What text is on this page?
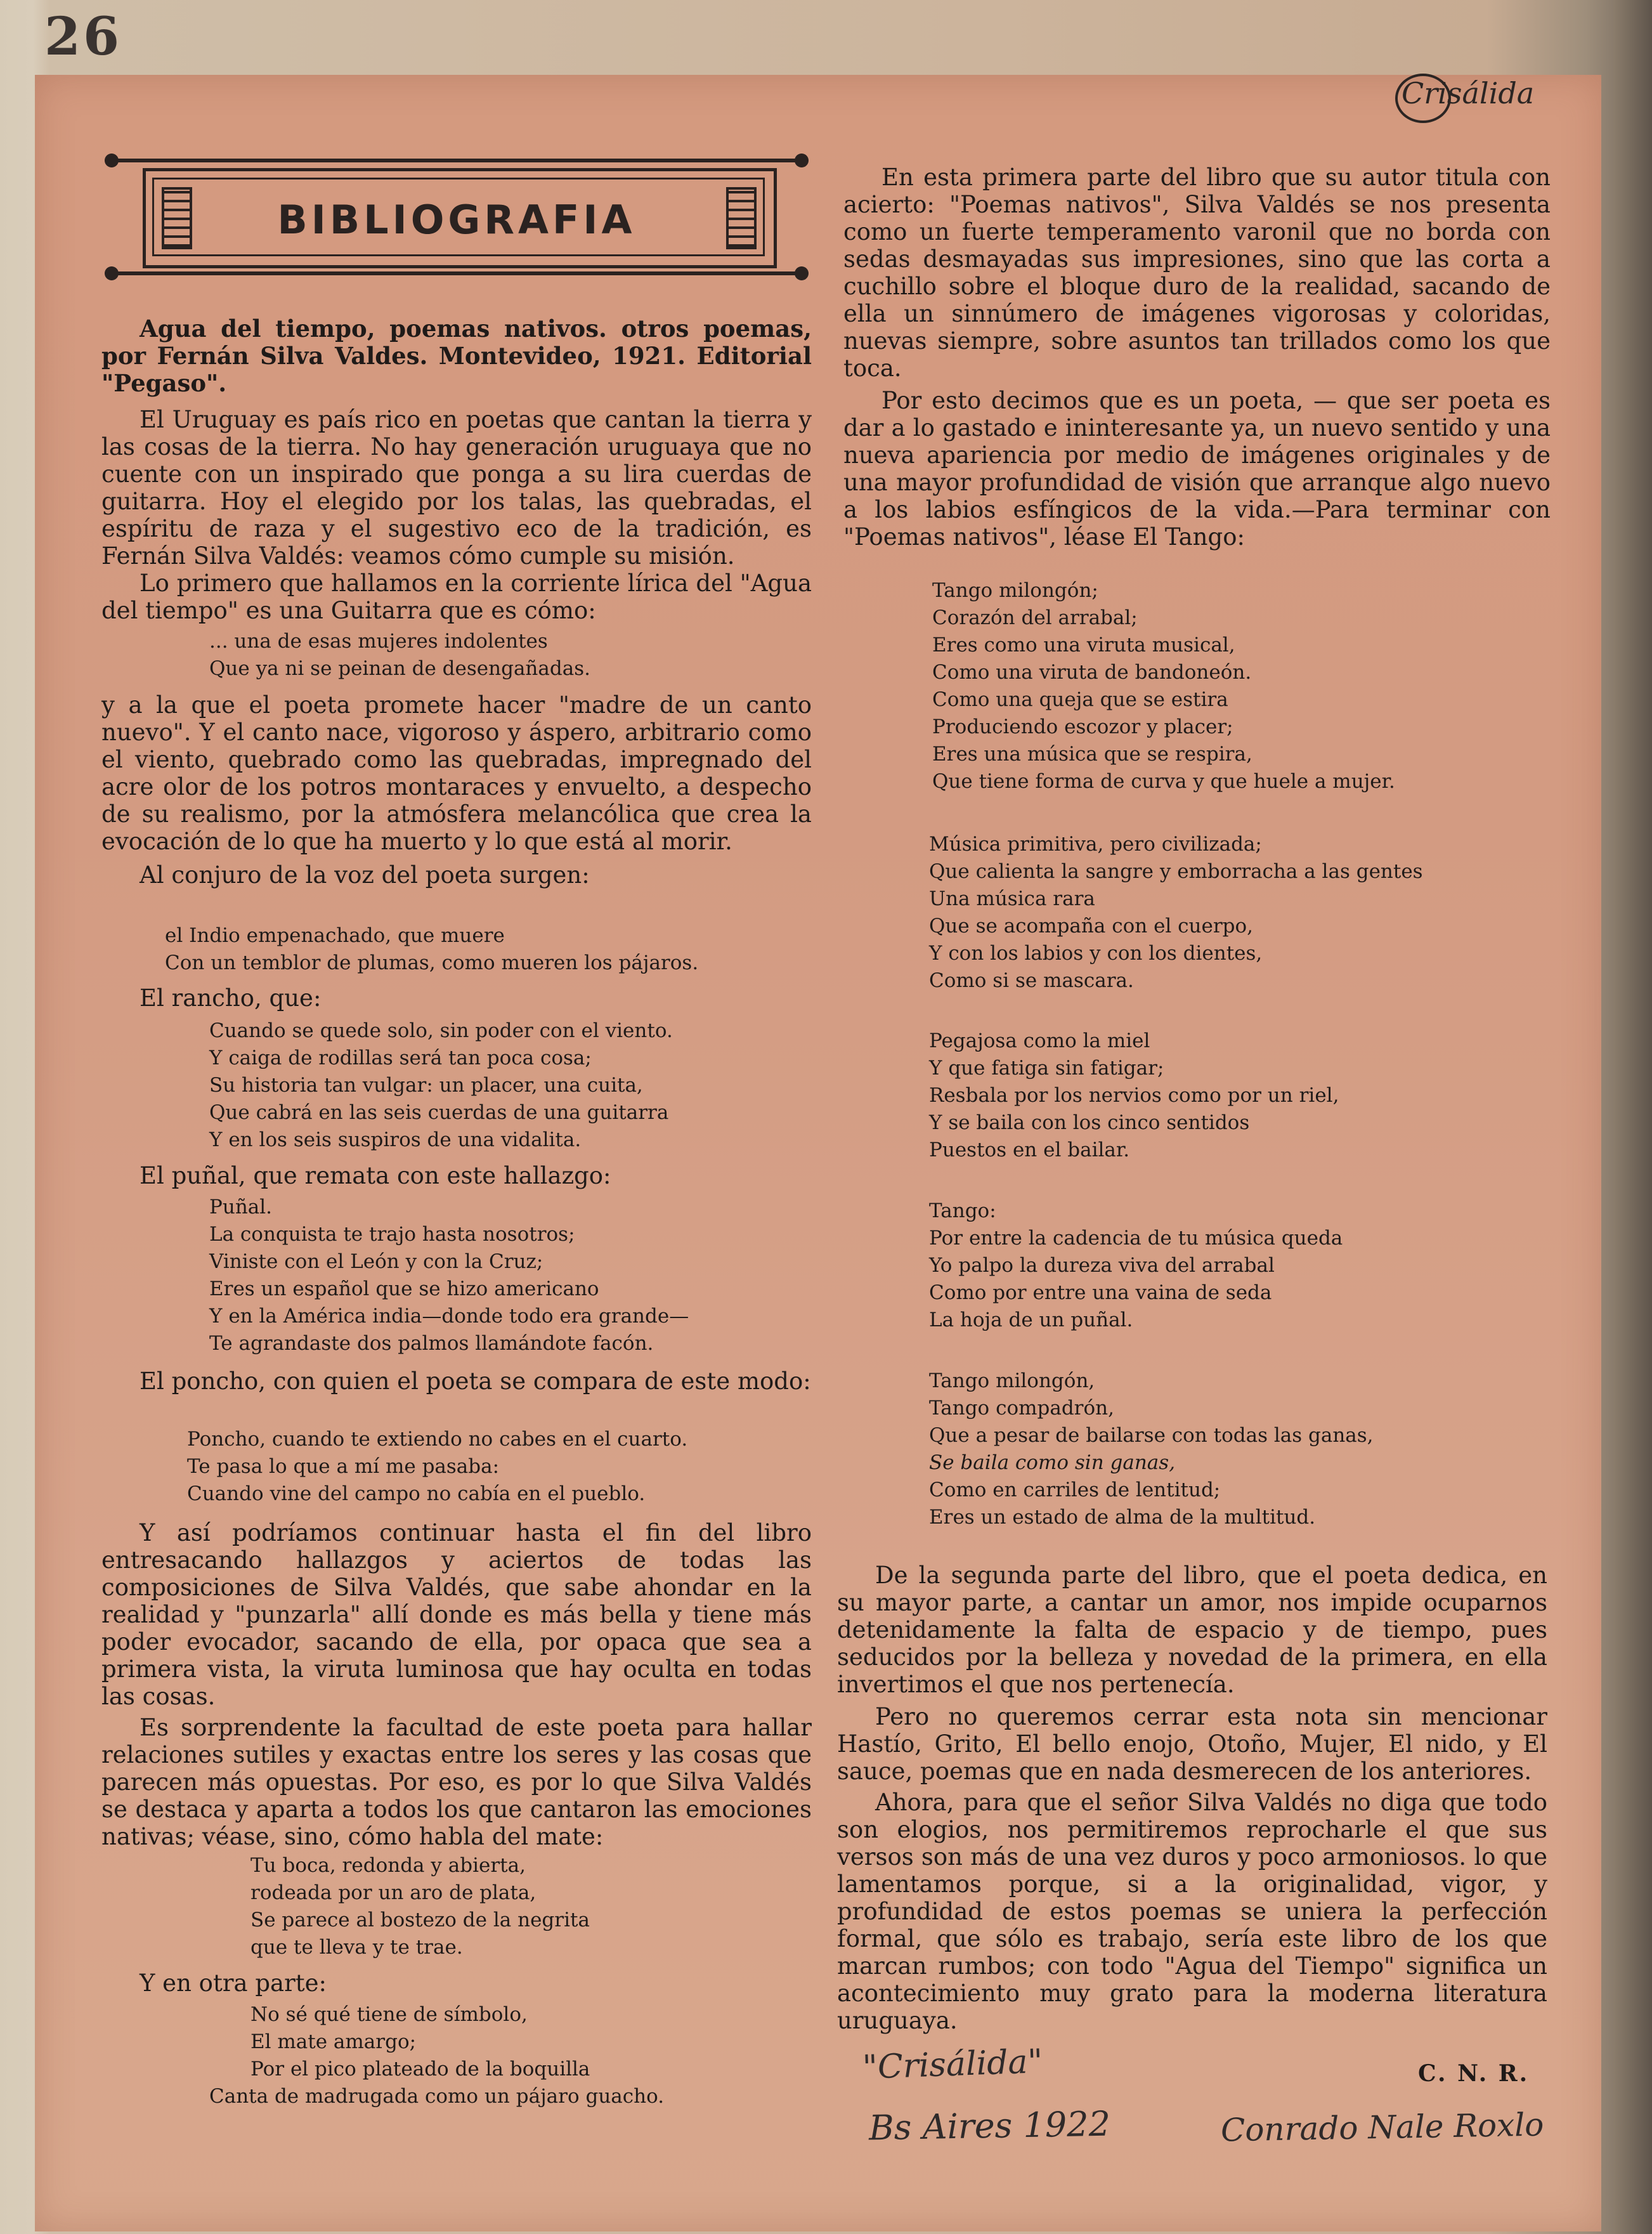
26
Crisálida
BIBLIOGRAFIA

Agua del tiempo, poemas nativos. otros poemas, por Fernán Silva Valdes. Montevideo, 1921. Editorial "Pegaso".

El Uruguay es país rico en poetas que cantan la tierra y las cosas de la tierra. No hay generación uruguaya que no cuente con un inspirado que ponga a su lira cuerdas de guitarra. Hoy el elegido por los talas, las quebradas, el espíritu de raza y el sugestivo eco de la tradición, es Fernán Silva Valdés: veamos cómo cumple su misión.

Lo primero que hallamos en la corriente lírica del "Agua del tiempo" es una Guitarra que es cómo:

... una de esas mujeres indolentes
Que ya ni se peinan de desengañadas.

y a la que el poeta promete hacer "madre de un canto nuevo". Y el canto nace, vigoroso y áspero, arbitrario como el viento, quebrado como las quebradas, impregnado del acre olor de los potros montaraces y envuelto, a despecho de su realismo, por la atmósfera melancólica que crea la evocación de lo que ha muerto y lo que está al morir.

Al conjuro de la voz del poeta surgen:

el Indio empenachado, que muere
Con un temblor de plumas, como mueren los pájaros.

El rancho, que:

Cuando se quede solo, sin poder con el viento.
Y caiga de rodillas será tan poca cosa;
Su historia tan vulgar: un placer, una cuita,
Que cabrá en las seis cuerdas de una guitarra
Y en los seis suspiros de una vidalita.

El puñal, que remata con este hallazgo:

Puñal.
La conquista te trajo hasta nosotros;
Viniste con el León y con la Cruz;
Eres un español que se hizo americano
Y en la América india—donde todo era grande—
Te agrandaste dos palmos llamándote facón.

El poncho, con quien el poeta se compara de este modo:

Poncho, cuando te extiendo no cabes en el cuarto.
Te pasa lo que a mí me pasaba:
Cuando vine del campo no cabía en el pueblo.

Y así podríamos continuar hasta el fin del libro entresacando hallazgos y aciertos de todas las composiciones de Silva Valdés, que sabe ahondar en la realidad y "punzarla" allí donde es más bella y tiene más poder evocador, sacando de ella, por opaca que sea a primera vista, la viruta luminosa que hay oculta en todas las cosas.

Es sorprendente la facultad de este poeta para hallar relaciones sutiles y exactas entre los seres y las cosas que parecen más opuestas. Por eso, es por lo que Silva Valdés se destaca y aparta a todos los que cantaron las emociones nativas; véase, sino, cómo habla del mate:

Tu boca, redonda y abierta,
rodeada por un aro de plata,
Se parece al bostezo de la negrita
que te lleva y te trae.

Y en otra parte:

No sé qué tiene de símbolo,
El mate amargo;
Por el pico plateado de la boquilla
Canta de madrugada como un pájaro guacho.

En esta primera parte del libro que su autor titula con acierto: "Poemas nativos", Silva Valdés se nos presenta como un fuerte temperamento varonil que no borda con sedas desmayadas sus impresiones, sino que las corta a cuchillo sobre el bloque duro de la realidad, sacando de ella un sinnúmero de imágenes vigorosas y coloridas, nuevas siempre, sobre asuntos tan trillados como los que toca.

Por esto decimos que es un poeta, — que ser poeta es dar a lo gastado e ininteresante ya, un nuevo sentido y una nueva apariencia por medio de imágenes originales y de una mayor profundidad de visión que arranque algo nuevo a los labios esfíngicos de la vida.—Para terminar con "Poemas nativos", léase El Tango:

Tango milongón;
Corazón del arrabal;
Eres como una viruta musical,
Como una viruta de bandoneón.
Como una queja que se estira
Produciendo escozor y placer;
Eres una música que se respira,
Que tiene forma de curva y que huele a mujer.
Música primitiva, pero civilizada;
Que calienta la sangre y emborracha a las gentes
Una música rara
Que se acompaña con el cuerpo,
Y con los labios y con los dientes,
Como si se mascara.
Pegajosa como la miel
Y que fatiga sin fatigar;
Resbala por los nervios como por un riel,
Y se baila con los cinco sentidos
Puestos en el bailar.
Tango:
Por entre la cadencia de tu música queda
Yo palpo la dureza viva del arrabal
Como por entre una vaina de seda
La hoja de un puñal.
Tango milongón,
Tango compadrón,
Que a pesar de bailarse con todas las ganas,
Se baila como sin ganas,
Como en carriles de lentitud;
Eres un estado de alma de la multitud.

De la segunda parte del libro, que el poeta dedica, en su mayor parte, a cantar un amor, nos impide ocuparnos detenidamente la falta de espacio y de tiempo, pues seducidos por la belleza y novedad de la primera, en ella invertimos el que nos pertenecía.

Pero no queremos cerrar esta nota sin mencionar Hastío, Grito, El bello enojo, Otoño, Mujer, El nido, y El sauce, poemas que en nada desmerecen de los anteriores.

Ahora, para que el señor Silva Valdés no diga que todo son elogios, nos permitiremos reprocharle el que sus versos son más de una vez duros y poco armoniosos. lo que lamentamos porque, si a la originalidad, vigor, y profundidad de estos poemas se uniera la perfección formal, que sólo es trabajo, sería este libro de los que marcan rumbos; con todo "Agua del Tiempo" significa un acontecimiento muy grato para la moderna literatura uruguaya.

C. N. R.
"Crisálida"
Bs Aires 1922	Conrado Nale Roxlo
